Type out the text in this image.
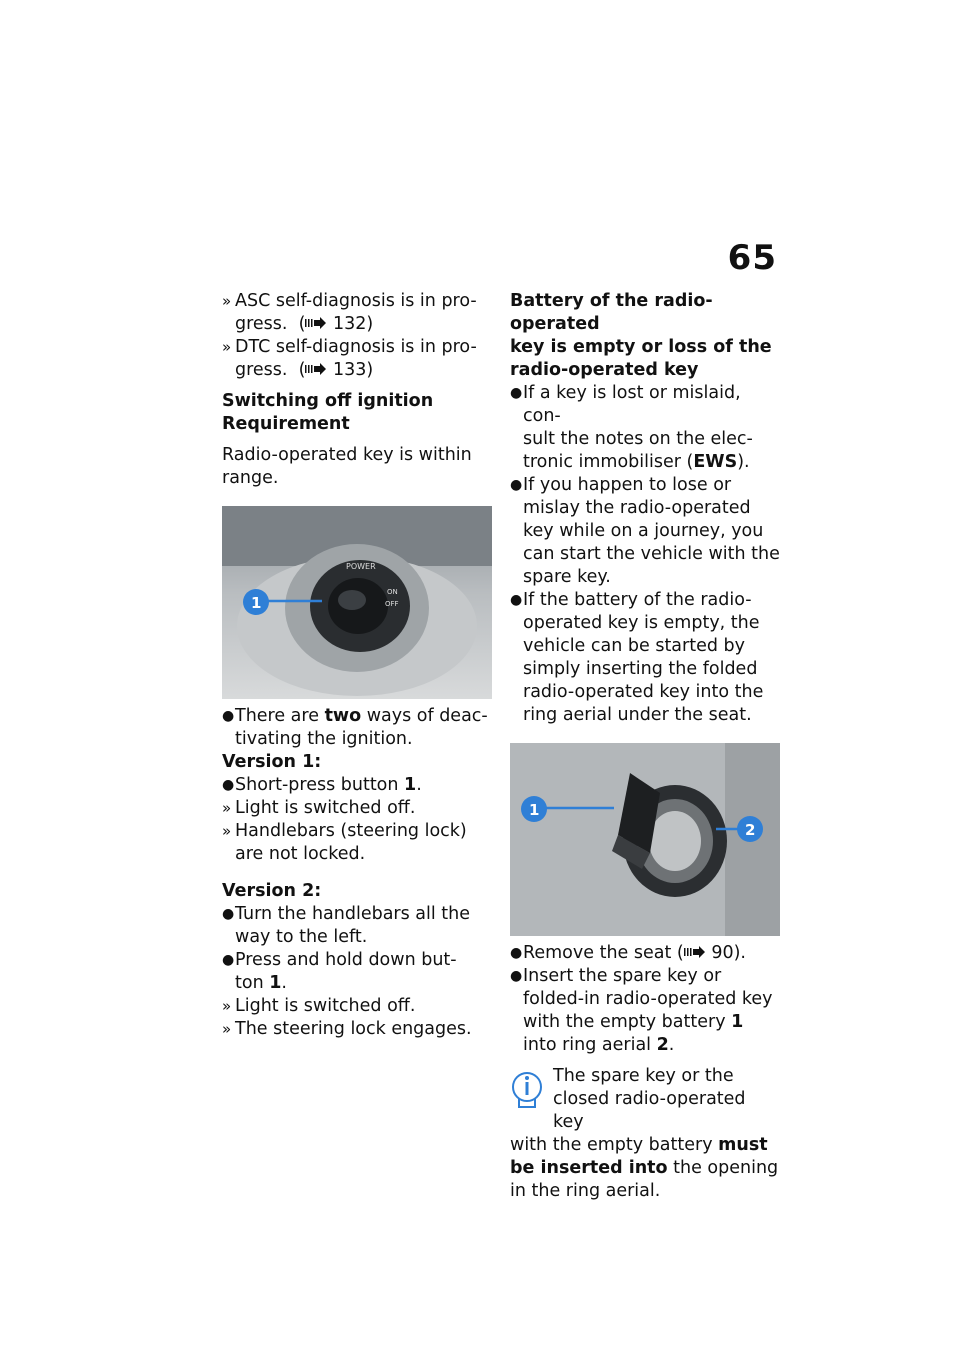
65
» ASC self-diagnosis is in pro-
gress.  ( 132)
» DTC self-diagnosis is in pro-
gress.  ( 133)
Switching off ignition
Requirement
Radio-operated key is within range.
POWER
ON
OFF
1
● There are two ways of deac-
tivating the ignition.
Version 1:
● Short-press button 1.
» Light is switched off.
» Handlebars (steering lock) are not locked.
Version 2:
● Turn the handlebars all the way to the left.
● Press and hold down but-
ton 1.
» Light is switched off.
» The steering lock engages.
Battery of the radio-operated
key is empty or loss of the
radio-operated key
● If a key is lost or mislaid, con-
sult the notes on the elec-
tronic immobiliser (EWS).
● If you happen to lose or mislay the radio-operated key while on a journey, you can start the vehicle with the spare key.
● If the battery of the radio-operated key is empty, the vehicle can be started by simply inserting the folded radio-operated key into the ring aerial under the seat.
1
2
● Remove the seat ( 90).
● Insert the spare key or folded-in radio-operated key with the empty battery 1 into ring aerial 2.
The spare key or the
closed radio-operated key
with the empty battery must be inserted into the opening in the ring aerial.
